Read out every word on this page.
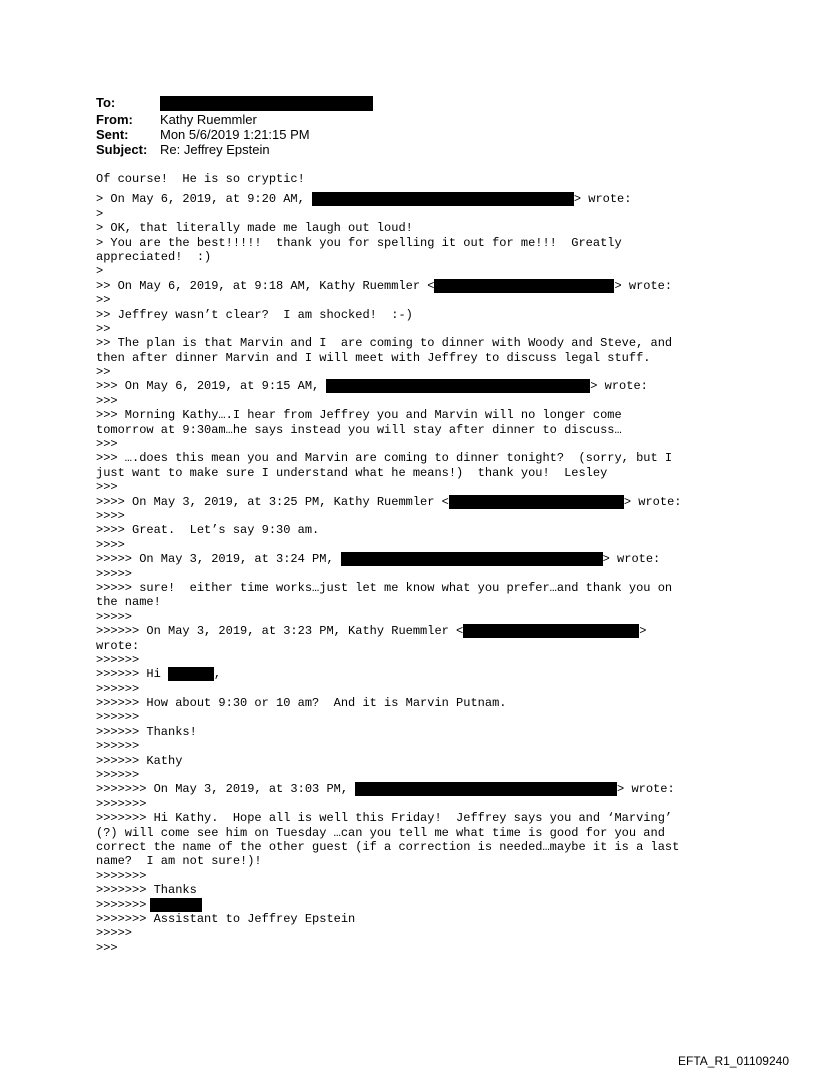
To:
From: Kathy Ruemmler
Sent: Mon 5/6/2019 1:21:15 PM
Subject: Re: Jeffrey Epstein
Of course!  He is so cryptic!
> On May 6, 2019, at 9:20 AM,	> wrote:
>
> OK, that literally made me laugh out loud!
> You are the best!!!!!  thank you for spelling it out for me!!!  Greatly
appreciated!  :)
>
>> On May 6, 2019, at 9:18 AM, Kathy Ruemmler <	> wrote:
>>
>> Jeffrey wasn’t clear?  I am shocked!  :-)
>>
>> The plan is that Marvin and I  are coming to dinner with Woody and Steve, and
then after dinner Marvin and I will meet with Jeffrey to discuss legal stuff.
>>
>>> On May 6, 2019, at 9:15 AM,	> wrote:
>>>
>>> Morning Kathy….I hear from Jeffrey you and Marvin will no longer come
tomorrow at 9:30am…he says instead you will stay after dinner to discuss…
>>>
>>> ….does this mean you and Marvin are coming to dinner tonight?  (sorry, but I
just want to make sure I understand what he means!)  thank you!  Lesley
>>>
>>>> On May 3, 2019, at 3:25 PM, Kathy Ruemmler <	> wrote:
>>>>
>>>> Great.  Let’s say 9:30 am.
>>>>
>>>>> On May 3, 2019, at 3:24 PM,	> wrote:
>>>>>
>>>>> sure!  either time works…just let me know what you prefer…and thank you on
the name!
>>>>>
>>>>>> On May 3, 2019, at 3:23 PM, Kathy Ruemmler <	>
wrote:
>>>>>>
>>>>>> Hi	,
>>>>>>
>>>>>> How about 9:30 or 10 am?  And it is Marvin Putnam.
>>>>>>
>>>>>> Thanks!
>>>>>>
>>>>>> Kathy
>>>>>>
>>>>>>> On May 3, 2019, at 3:03 PM,	> wrote:
>>>>>>>
>>>>>>> Hi Kathy.  Hope all is well this Friday!  Jeffrey says you and ‘Marving’
(?) will come see him on Tuesday …can you tell me what time is good for you and
correct the name of the other guest (if a correction is needed…maybe it is a last
name?  I am not sure!)!
>>>>>>>
>>>>>>> Thanks
>>>>>>>
>>>>>>> Assistant to Jeffrey Epstein
>>>>>
>>>
EFTA_R1_01109240
